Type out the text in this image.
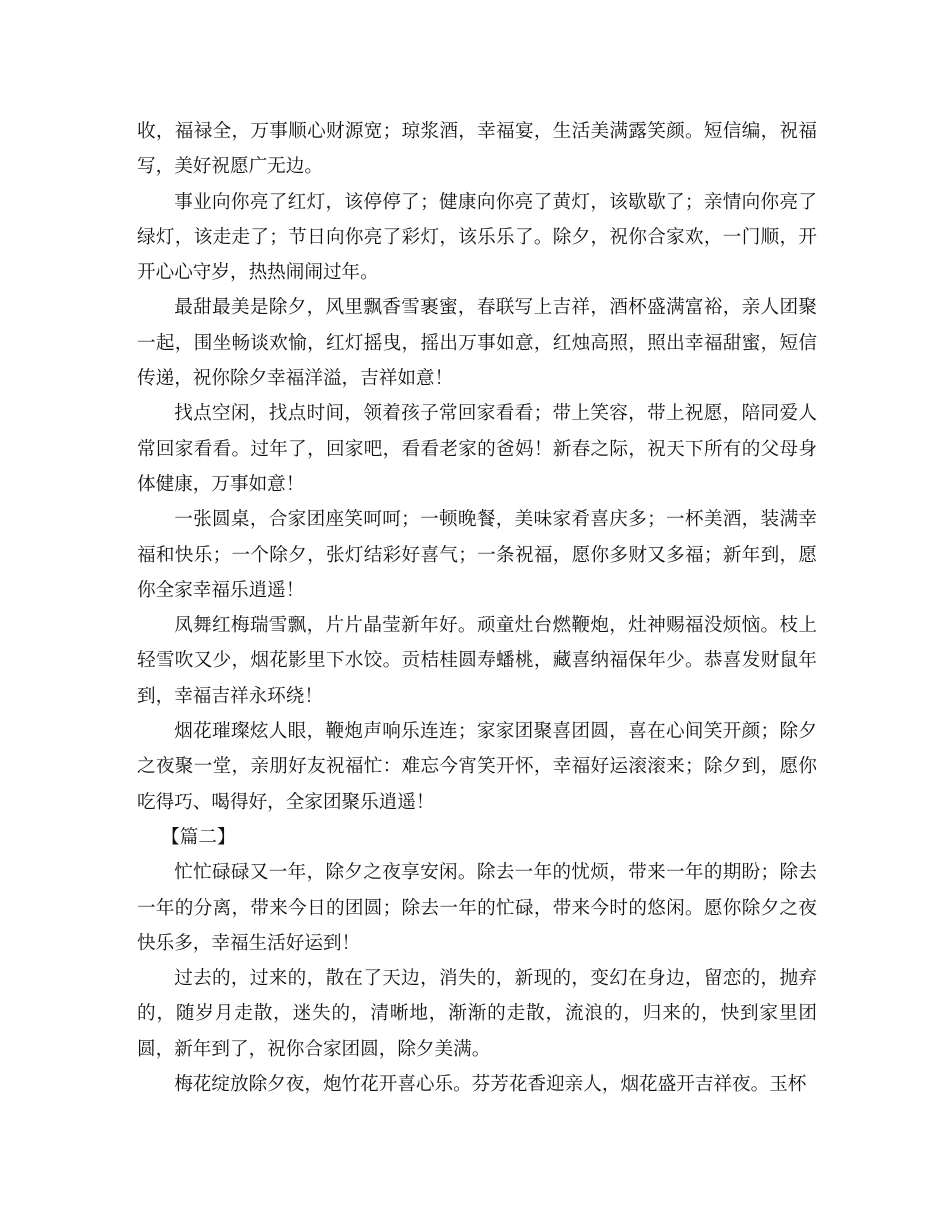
收，福禄全，万事顺心财源宽；琼浆酒，幸福宴，生活美满露笑颜。短信编，祝福写，美好祝愿广无边。

事业向你亮了红灯，该停停了；健康向你亮了黄灯，该歇歇了；亲情向你亮了绿灯，该走走了；节日向你亮了彩灯，该乐乐了。除夕，祝你合家欢，一门顺，开开心心守岁，热热闹闹过年。

最甜最美是除夕，风里飘香雪裹蜜，春联写上吉祥，酒杯盛满富裕，亲人团聚一起，围坐畅谈欢愉，红灯摇曳，摇出万事如意，红烛高照，照出幸福甜蜜，短信传递，祝你除夕幸福洋溢，吉祥如意！

找点空闲，找点时间，领着孩子常回家看看；带上笑容，带上祝愿，陪同爱人常回家看看。过年了，回家吧，看看老家的爸妈！新春之际，祝天下所有的父母身体健康，万事如意！

一张圆桌，合家团座笑呵呵；一顿晚餐，美味家肴喜庆多；一杯美酒，装满幸福和快乐；一个除夕，张灯结彩好喜气；一条祝福，愿你多财又多福；新年到，愿你全家幸福乐逍遥！

凤舞红梅瑞雪飘，片片晶莹新年好。顽童灶台燃鞭炮，灶神赐福没烦恼。枝上轻雪吹又少，烟花影里下水饺。贡桔桂圆寿蟠桃，藏喜纳福保年少。恭喜发财鼠年到，幸福吉祥永环绕！

烟花璀璨炫人眼，鞭炮声响乐连连；家家团聚喜团圆，喜在心间笑开颜；除夕之夜聚一堂，亲朋好友祝福忙：难忘今宵笑开怀，幸福好运滚滚来；除夕到，愿你吃得巧、喝得好，全家团聚乐逍遥！

【篇二】

忙忙碌碌又一年，除夕之夜享安闲。除去一年的忧烦，带来一年的期盼；除去一年的分离，带来今日的团圆；除去一年的忙碌，带来今时的悠闲。愿你除夕之夜快乐多，幸福生活好运到！

过去的，过来的，散在了天边，消失的，新现的，变幻在身边，留恋的，抛弃的，随岁月走散，迷失的，清晰地，渐渐的走散，流浪的，归来的，快到家里团圆，新年到了，祝你合家团圆，除夕美满。

梅花绽放除夕夜，炮竹花开喜心乐。芬芳花香迎亲人，烟花盛开吉祥夜。玉杯
